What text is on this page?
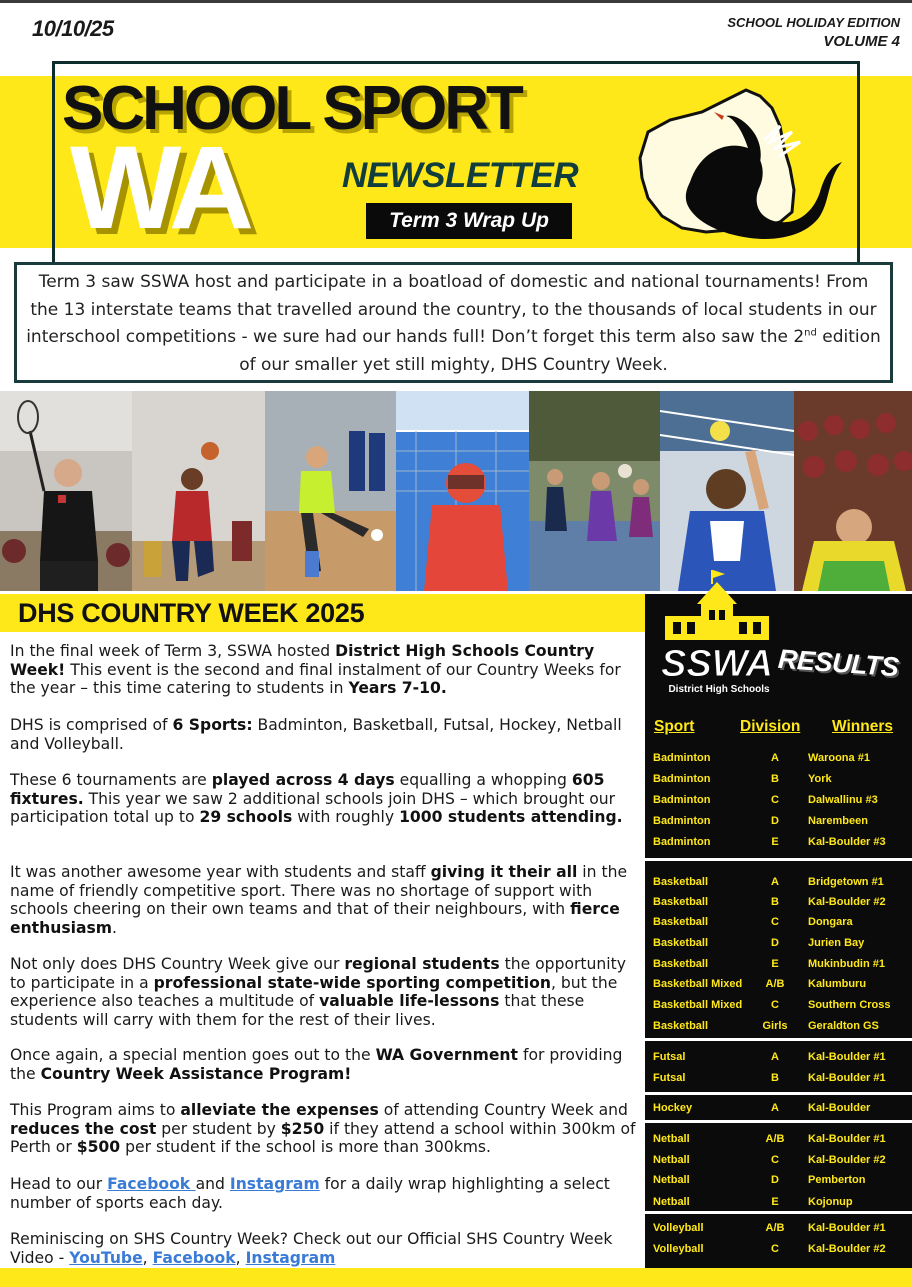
10/10/25	SCHOOL HOLIDAY EDITION
VOLUME 4
SCHOOL SPORT
WA	NEWSLETTER
Term 3 Wrap Up
Term 3 saw SSWA host and participate in a boatload of domestic and national tournaments! From the 13 interstate teams that travelled around the country, to the thousands of local students in our interschool competitions - we sure had our hands full! Don’t forget this term also saw the 2nd edition of our smaller yet still mighty, DHS Country Week.
DHS COUNTRY WEEK 2025
In the final week of Term 3, SSWA hosted District High Schools Country Week! This event is the second and final instalment of our Country Weeks for the year – this time catering to students in Years 7-10.
DHS is comprised of 6 Sports: Badminton, Basketball, Futsal, Hockey, Netball and Volleyball.
These 6 tournaments are played across 4 days equalling a whopping 605 fixtures. This year we saw 2 additional schools join DHS – which brought our participation total up to 29 schools with roughly 1000 students attending.
It was another awesome year with students and staff giving it their all in the name of friendly competitive sport. There was no shortage of support with schools cheering on their own teams and that of their neighbours, with fierce enthusiasm.
Not only does DHS Country Week give our regional students the opportunity to participate in a professional state-wide sporting competition, but the experience also teaches a multitude of valuable life-lessons that these students will carry with them for the rest of their lives.
Once again, a special mention goes out to the WA Government for providing the Country Week Assistance Program!
This Program aims to alleviate the expenses of attending Country Week and reduces the cost per student by $250 if they attend a school within 300km of Perth or $500 per student if the school is more than 300kms.
Head to our Facebook and Instagram for a daily wrap highlighting a select number of sports each day.
Reminiscing on SHS Country Week? Check out our Official SHS Country Week Video - YouTube, Facebook, Instagram
SSWA
District High Schools
RESULTS
Sport	Division Winners
Badminton	A	Waroona #1
Badminton	B	York
Badminton	C	Dalwallinu #3
Badminton	D	Narembeen
Badminton	E	Kal-Boulder #3
Basketball	A	Bridgetown #1
Basketball	B	Kal-Boulder #2
Basketball	C	Dongara
Basketball	D	Jurien Bay
Basketball	E	Mukinbudin #1
Basketball Mixed	A/B	Kalumburu
Basketball Mixed	C	Southern Cross
Basketball	Girls	Geraldton GS
Futsal	A	Kal-Boulder #1
Futsal	B	Kal-Boulder #1
Hockey	A	Kal-Boulder
Netball	A/B	Kal-Boulder #1
Netball	C	Kal-Boulder #2
Netball	D	Pemberton
Netball	E	Kojonup
Volleyball	A/B	Kal-Boulder #1
Volleyball	C	Kal-Boulder #2
